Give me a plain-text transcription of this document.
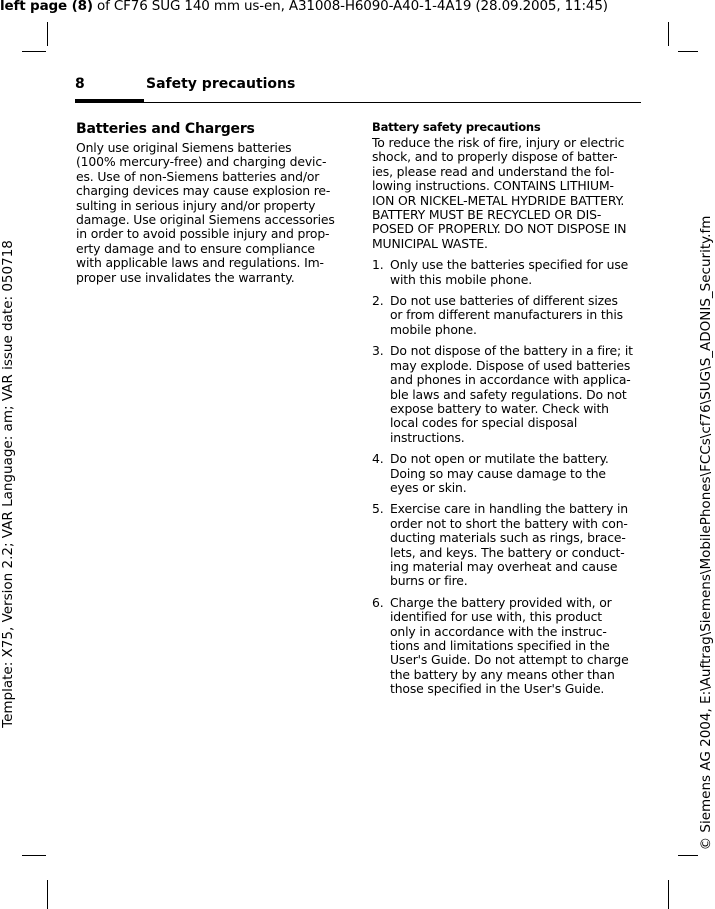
left page (8) of CF76 SUG 140 mm us-en, A31008-H6090-A40-1-4A19 (28.09.2005, 11:45)
Template: X75, Version 2.2; VAR Language: am; VAR issue date: 050718	© Siemens AG 2004, E:\Auftrag\Siemens\MobilePhones\FCCs\cf76\SUG\S_ADONIS_Security.fm
8	Safety precautions
Batteries and Chargers

Only use original Siemens batteries
(100% mercury-free) and charging devic-
es. Use of non-Siemens batteries and/or
charging devices may cause explosion re-
sulting in serious injury and/or property
damage. Use original Siemens accessories
in order to avoid possible injury and prop-
erty damage and to ensure compliance
with applicable laws and regulations. Im-
proper use invalidates the warranty.

Battery safety precautions

To reduce the risk of fire, injury or electric
shock, and to properly dispose of batter-
ies, please read and understand the fol-
lowing instructions. CONTAINS LITHIUM-
ION OR NICKEL-METAL HYDRIDE BATTERY.
BATTERY MUST BE RECYCLED OR DIS-
POSED OF PROPERLY. DO NOT DISPOSE IN
MUNICIPAL WASTE.

1. Only use the batteries specified for use
with this mobile phone.
2. Do not use batteries of different sizes
or from different manufacturers in this
mobile phone.
3. Do not dispose of the battery in a fire; it
may explode. Dispose of used batteries
and phones in accordance with applica-
ble laws and safety regulations. Do not
expose battery to water. Check with
local codes for special disposal
instructions.
4. Do not open or mutilate the battery.
Doing so may cause damage to the
eyes or skin.
5. Exercise care in handling the battery in
order not to short the battery with con-
ducting materials such as rings, brace-
lets, and keys. The battery or conduct-
ing material may overheat and cause
burns or fire.
6. Charge the battery provided with, or
identified for use with, this product
only in accordance with the instruc-
tions and limitations specified in the
User's Guide. Do not attempt to charge
the battery by any means other than
those specified in the User's Guide.
